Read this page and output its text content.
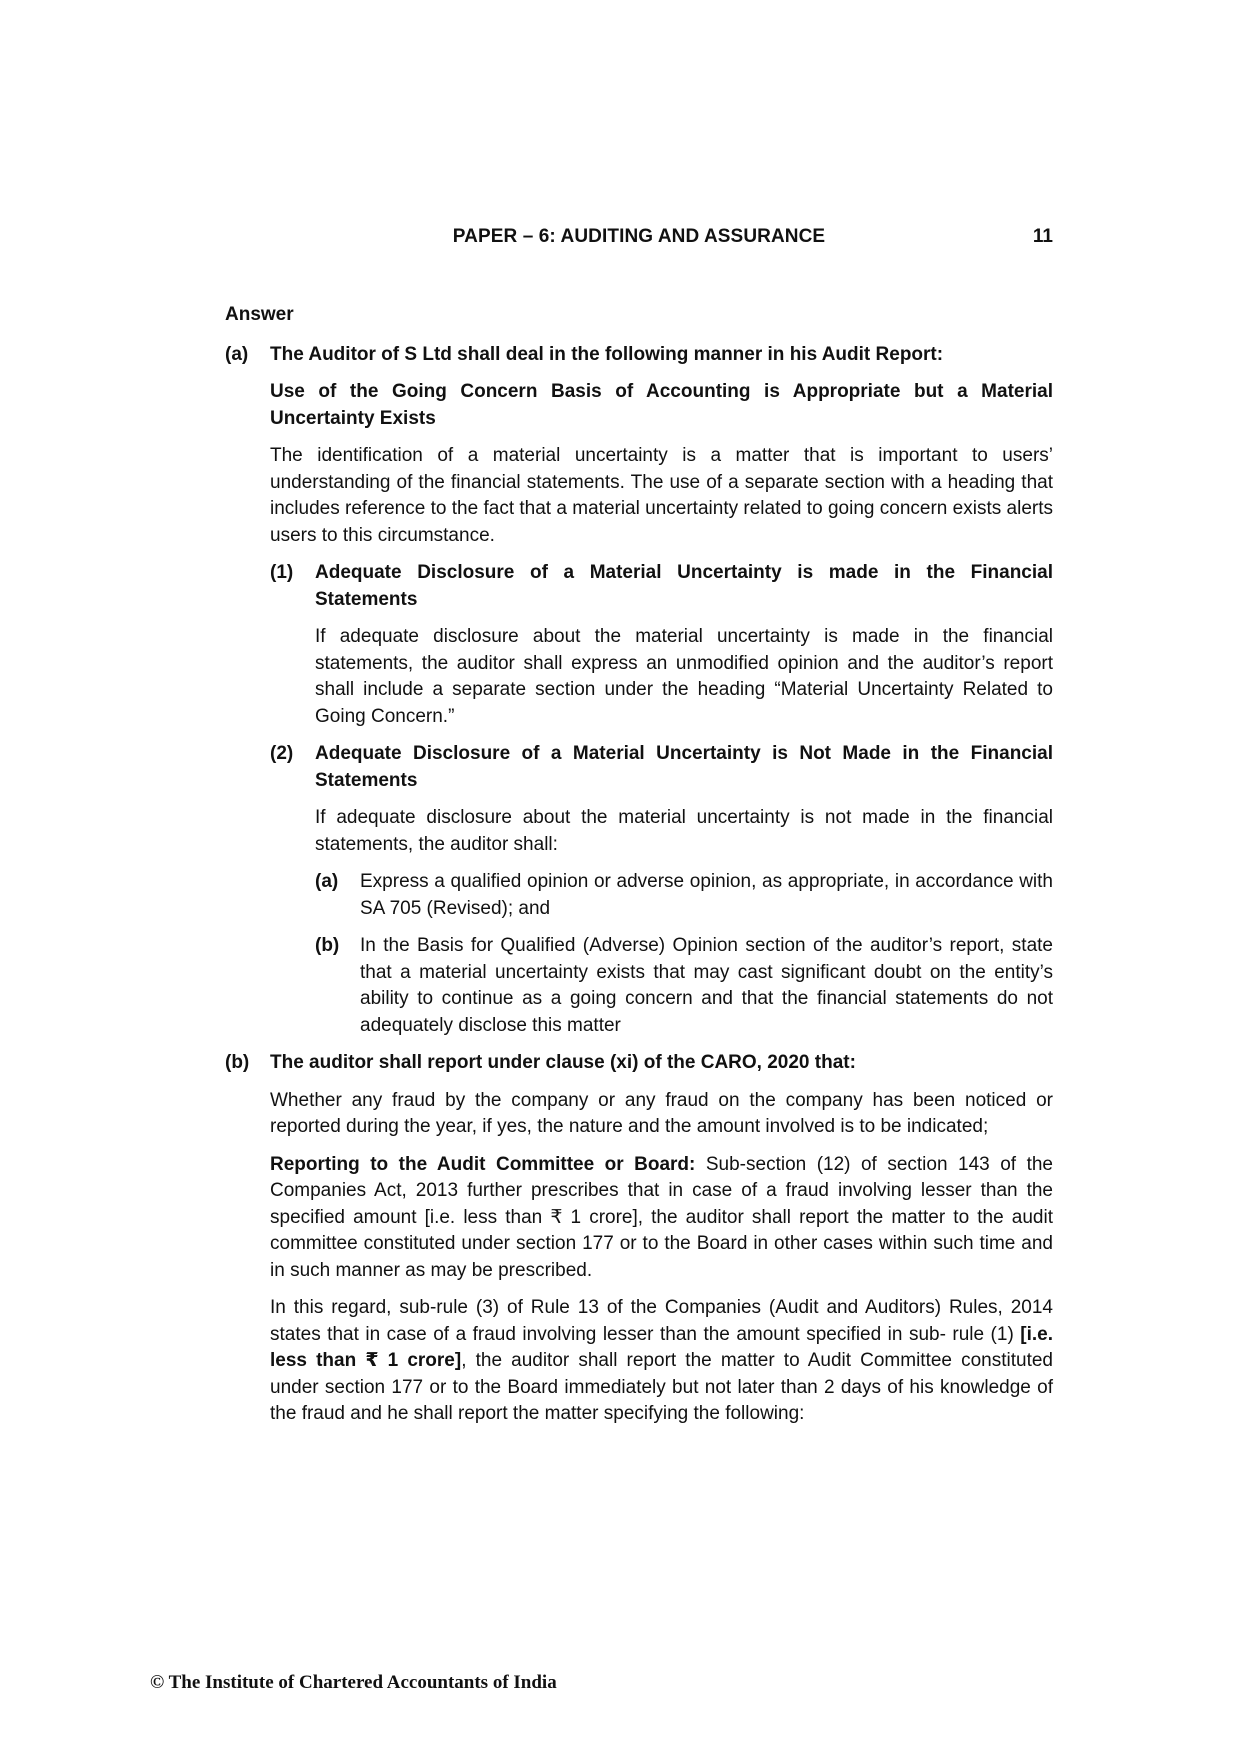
PAPER – 6: AUDITING AND ASSURANCE	11

Answer

(a)	The Auditor of S Ltd shall deal in the following manner in his Audit Report:

Use of the Going Concern Basis of Accounting is Appropriate but a Material Uncertainty Exists

The identification of a material uncertainty is a matter that is important to users’ understanding of the financial statements. The use of a separate section with a heading that includes reference to the fact that a material uncertainty related to going concern exists alerts users to this circumstance.

(1)	Adequate Disclosure of a Material Uncertainty is made in the Financial Statements

If adequate disclosure about the material uncertainty is made in the financial statements, the auditor shall express an unmodified opinion and the auditor’s report shall include a separate section under the heading “Material Uncertainty Related to Going Concern.”

(2)	Adequate Disclosure of a Material Uncertainty is Not Made in the Financial Statements

If adequate disclosure about the material uncertainty is not made in the financial statements, the auditor shall:

(a)	Express a qualified opinion or adverse opinion, as appropriate, in accordance with SA 705 (Revised); and
(b)	In the Basis for Qualified (Adverse) Opinion section of the auditor’s report, state that a material uncertainty exists that may cast significant doubt on the entity’s ability to continue as a going concern and that the financial statements do not adequately disclose this matter
(b)	The auditor shall report under clause (xi) of the CARO, 2020 that:

Whether any fraud by the company or any fraud on the company has been noticed or reported during the year, if yes, the nature and the amount involved is to be indicated;

Reporting to the Audit Committee or Board: Sub-section (12) of section 143 of the Companies Act, 2013 further prescribes that in case of a fraud involving lesser than the specified amount [i.e. less than ₹ 1 crore], the auditor shall report the matter to the audit committee constituted under section 177 or to the Board in other cases within such time and in such manner as may be prescribed.

In this regard, sub-rule (3) of Rule 13 of the Companies (Audit and Auditors) Rules, 2014 states that in case of a fraud involving lesser than the amount specified in sub- rule (1) [i.e. less than ₹ 1 crore], the auditor shall report the matter to Audit Committee constituted under section 177 or to the Board immediately but not later than 2 days of his knowledge of the fraud and he shall report the matter specifying the following:

© The Institute of Chartered Accountants of India
